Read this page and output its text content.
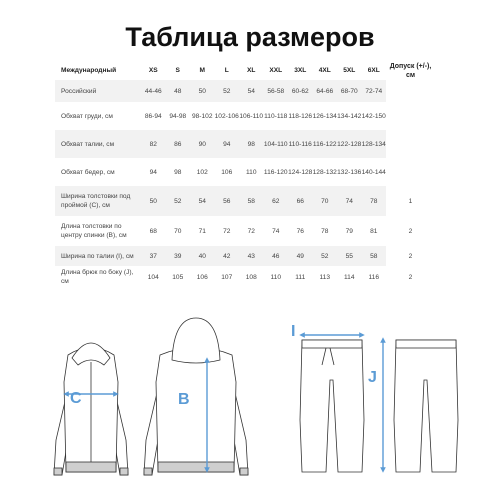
Таблица размеров
Международный	XS	S	M	L	XL	XXL	3XL	4XL	5XL	6XL	Допуск (+/-), см
Российский	44-46	48	50	52	54	56-58	60-62	64-66	68-70	72-74	
Обхват груди, см	86-94	94-98	98-102	102-106	106-110	110-118	118-126	126-134	134-142	142-150	
Обхват талии, см	82	86	90	94	98	104-110	110-116	116-122	122-128	128-134	
Обхват бедер, см	94	98	102	106	110	116-120	124-128	128-132	132-136	140-144	
Ширина толстовки под проймой (C), см	50	52	54	56	58	62	66	70	74	78	1
Длина толстовки по центру спинки (B), см	68	70	71	72	72	74	76	78	79	81	2
Ширина по талии (I), см	37	39	40	42	43	46	49	52	55	58	2
Длина брюк по боку (J), см	104	105	106	107	108	110	111	113	114	116	2
C	B
I
J
